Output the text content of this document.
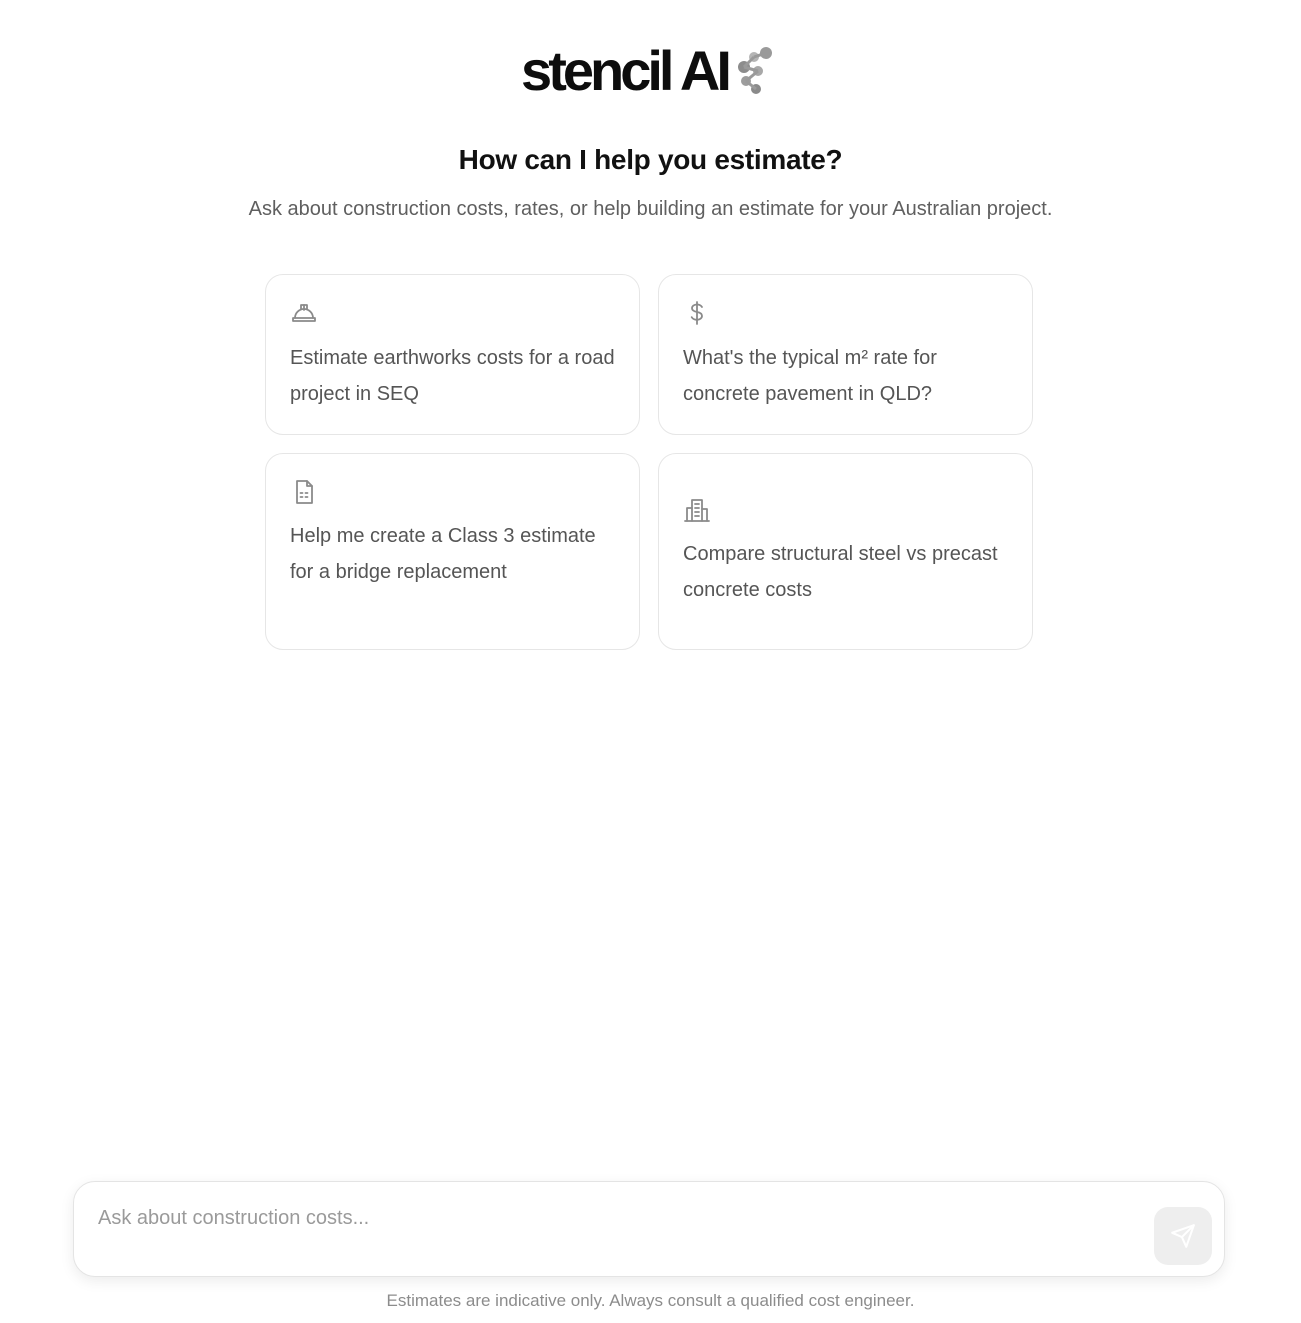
stencil AI
How can I help you estimate?

Ask about construction costs, rates, or help building an estimate for your Australian project.

Estimate earthworks costs for a road project in SEQ
What's the typical m² rate for concrete pavement in QLD?
Help me create a Class 3 estimate for a bridge replacement
Compare structural steel vs precast concrete costs
Ask about construction costs...

Estimates are indicative only. Always consult a qualified cost engineer.
